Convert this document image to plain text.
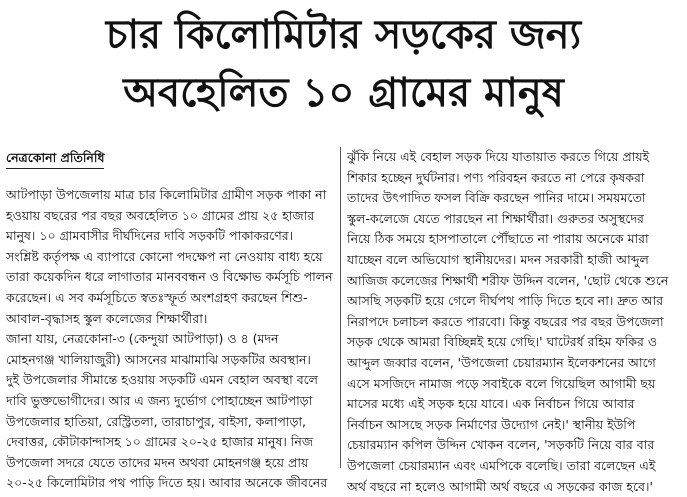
চার কিলোমিটার সড়কের জন্য
অবহেলিত ১০ গ্রামের মানুষ
নেত্রকোনা প্রতিনিধি
আটপাড়া উপজেলায় মাত্র চার কিলোমিটার গ্রামীণ সড়ক পাকা না
হওয়ায় বছরের পর বছর অবহেলিত ১০ গ্রামের প্রায় ২৫ হাজার
মানুষ। ১০ গ্রামবাসীর দীর্ঘদিনের দাবি সড়কটি পাকাকরণের।
সংশ্লিষ্ট কর্তৃপক্ষ এ ব্যাপারে কোনো পদক্ষেপ না নেওয়ায় বাধ্য হয়ে
তারা কয়েকদিন ধরে লাগাতার মানববন্ধন ও বিক্ষোভ কর্মসূচি পালন
করেছেন। এ সব কর্মসূচিতে স্বতঃস্ফূর্ত অংশগ্রহণ করছেন শিশু-
আবাল-বৃদ্ধাসহ স্কুল কলেজের শিক্ষার্থীরা।
জানা যায়, নেত্রকোনা-৩ (কেন্দুয়া আটপাড়া) ও ৪ (মদন
মোহনগঞ্জ খালিয়াজুরী) আসনের মাঝামাঝি সড়কটির অবস্থান।
দুই উপজেলার সীমান্তে হওয়ায় সড়কটি এমন বেহাল অবস্থা বলে
দাবি ভুক্তভোগীদের। আর এ জন্য দুর্ভোগ পোহাচ্ছেন আটপাড়া
উপজেলার হাতিয়া, রেস্ট্রিতলা, তারাচাপুর, বাইসা, কলাপাড়া,
দেবাত্তর, কৌটাকান্দাসহ ১০ গ্রামের ২০-২৫ হাজার মানুষ। নিজ
উপজেলা সদরে যেতে তাদের মদন অথবা মোহনগঞ্জ হয়ে প্রায়
২০-২৫ কিলোমিটার পথ পাড়ি দিতে হয়। আবার অনেকে জীবনের
ঝুঁকি নিয়ে এই বেহাল সড়ক দিয়ে যাতায়াত করতে গিয়ে প্রায়ই
শিকার হচ্ছেন দুর্ঘটনার। পণ্য পরিবহন করতে না পেরে কৃষকরা
তাদের উৎপাদিত ফসল বিক্রি করছেন পানির দামে। সময়মতো
স্কুল-কলেজে যেতে পারছেন না শিক্ষার্থীরা। গুরুতর অসুস্থদের
নিয়ে ঠিক সময়ে হাসপাতালে পৌঁছাতে না পারায় অনেকে মারা
যাচ্ছেন বলে অভিযোগ স্থানীয়দের। মদন সরকারী হাজী আব্দুল
আজিজ কলেজের শিক্ষার্থী শরীফ উদ্দিন বলেন, 'ছোট থেকে শুনে
আসছি সড়কটি হয়ে গেলে দীর্ঘপথ পাড়ি দিতে হবে না। দ্রুত আর
নিরাপদে চলাচল করতে পারবো। কিন্তু বছরের পর বছর উপজেলা
সড়ক থেকে আমরা বিচ্ছিন্নই হয়ে গেছি।' ঘাটেরর্ধ রহিম ফকির ও
আব্দুল জব্বার বলেন, 'উপজেলা চেয়ারম্যান ইলেকশনের আগে
এসে মসজিদে নামাজ পড়ে সবাইকে বলে গিয়েছিল আগামী ছয়
মাসের মধ্যে এই সড়ক হয়ে যাবে। এক নির্বাচন গিয়ে আবার
নির্বাচন আসছে সড়ক নির্মাণের উদ্যোগ নেই।' স্থানীয় ইউপি
চেয়ারম্যান কপিল উদ্দিন খোকন বলেন, 'সড়কটি নিয়ে বার বার
উপজেলা চেয়ারম্যান এবং এমপিকে বলেছি। তারা বলেছেন এই
অর্থ বছরে না হলেও আগামী অর্থ বছরে এ সড়কের কাজ হবে।'
